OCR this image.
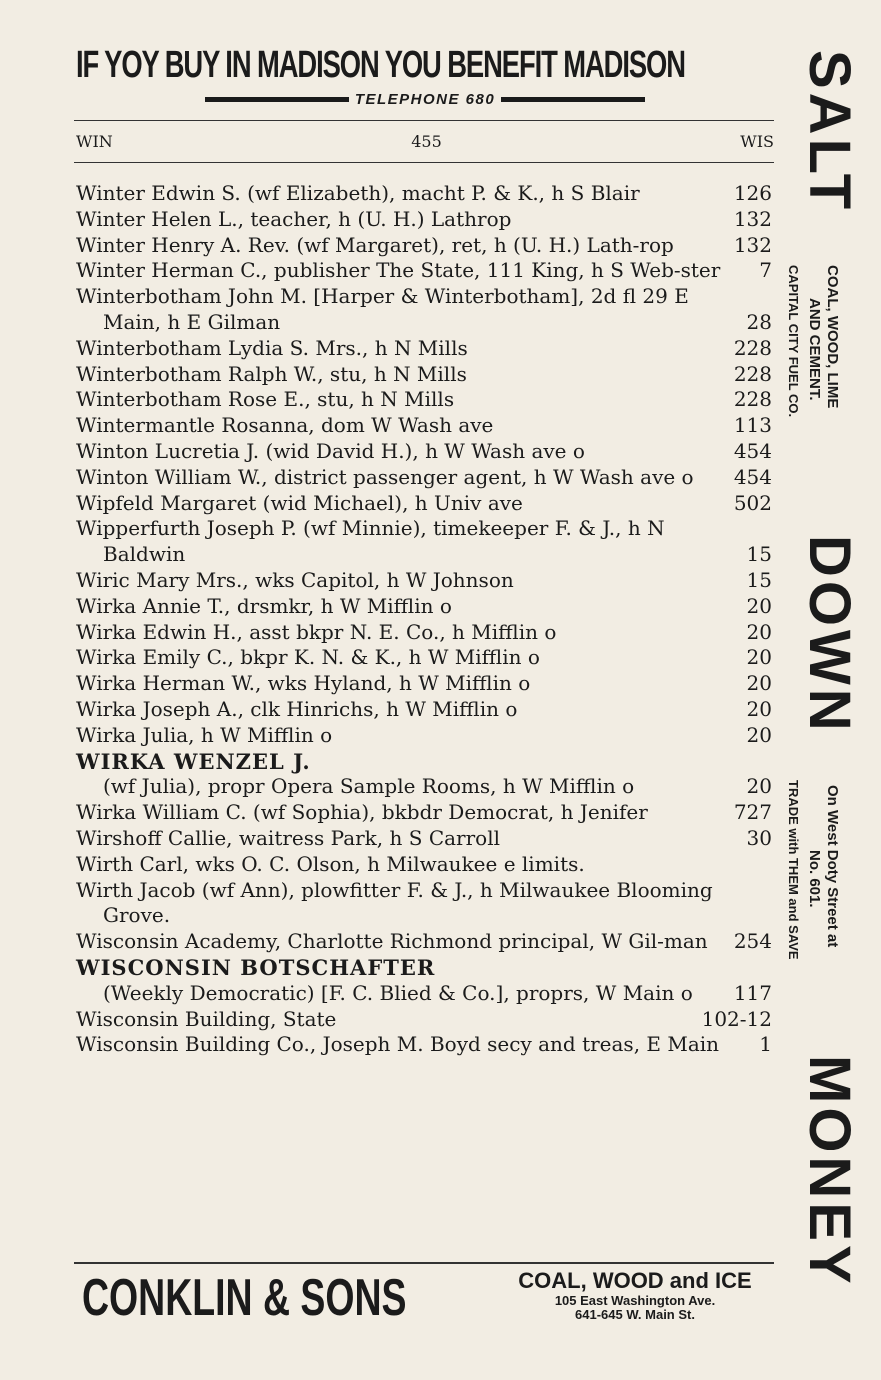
IF YOY BUY IN MADISON YOU BENEFIT MADISON
TELEPHONE 680
WIN	455	WIS
Winter Edwin S. (wf Elizabeth), macht P. & K., h S Blair	126
Winter Helen L., teacher, h (U. H.) Lathrop	132
Winter Henry A. Rev. (wf Margaret), ret, h (U. H.) Lath-rop	132
Winter Herman C., publisher The State, 111 King, h S Web-ster	7
Winterbotham John M. [Harper & Winterbotham], 2d fl 29 E Main, h E Gilman	28
Winterbotham Lydia S. Mrs., h N Mills	228
Winterbotham Ralph W., stu, h N Mills	228
Winterbotham Rose E., stu, h N Mills	228
Wintermantle Rosanna, dom W Wash ave	113
Winton Lucretia J. (wid David H.), h W Wash ave o	454
Winton William W., district passenger agent, h W Wash ave o	454
Wipfeld Margaret (wid Michael), h Univ ave	502
Wipperfurth Joseph P. (wf Minnie), timekeeper F. & J., h N Baldwin	15
Wiric Mary Mrs., wks Capitol, h W Johnson	15
Wirka Annie T., drsmkr, h W Mifflin o	20
Wirka Edwin H., asst bkpr N. E. Co., h Mifflin o	20
Wirka Emily C., bkpr K. N. & K., h W Mifflin o	20
Wirka Herman W., wks Hyland, h W Mifflin o	20
Wirka Joseph A., clk Hinrichs, h W Mifflin o	20
Wirka Julia, h W Mifflin o	20
WIRKA WENZEL J.
(wf Julia), propr Opera Sample Rooms, h W Mifflin o	20
Wirka William C. (wf Sophia), bkbdr Democrat, h Jenifer	727
Wirshoff Callie, waitress Park, h S Carroll	30
Wirth Carl, wks O. C. Olson, h Milwaukee e limits.
Wirth Jacob (wf Ann), plowfitter F. & J., h Milwaukee Blooming Grove.
Wisconsin Academy, Charlotte Richmond principal, W Gil-man	254
WISCONSIN BOTSCHAFTER
(Weekly Democratic) [F. C. Blied & Co.], proprs, W Main o	117
Wisconsin Building, State	102-12
Wisconsin Building Co., Joseph M. Boyd secy and treas, E Main	1
CONKLIN & SONS	COAL, WOOD and ICE
105 East Washington Ave.
641-645 W. Main St.
SALT
COAL, WOOD, LIME
AND CEMENT.
CAPITAL CITY FUEL CO.
DOWN
On West Doty Street at
No. 601.
TRADE with THEM and SAVE
MONEY
